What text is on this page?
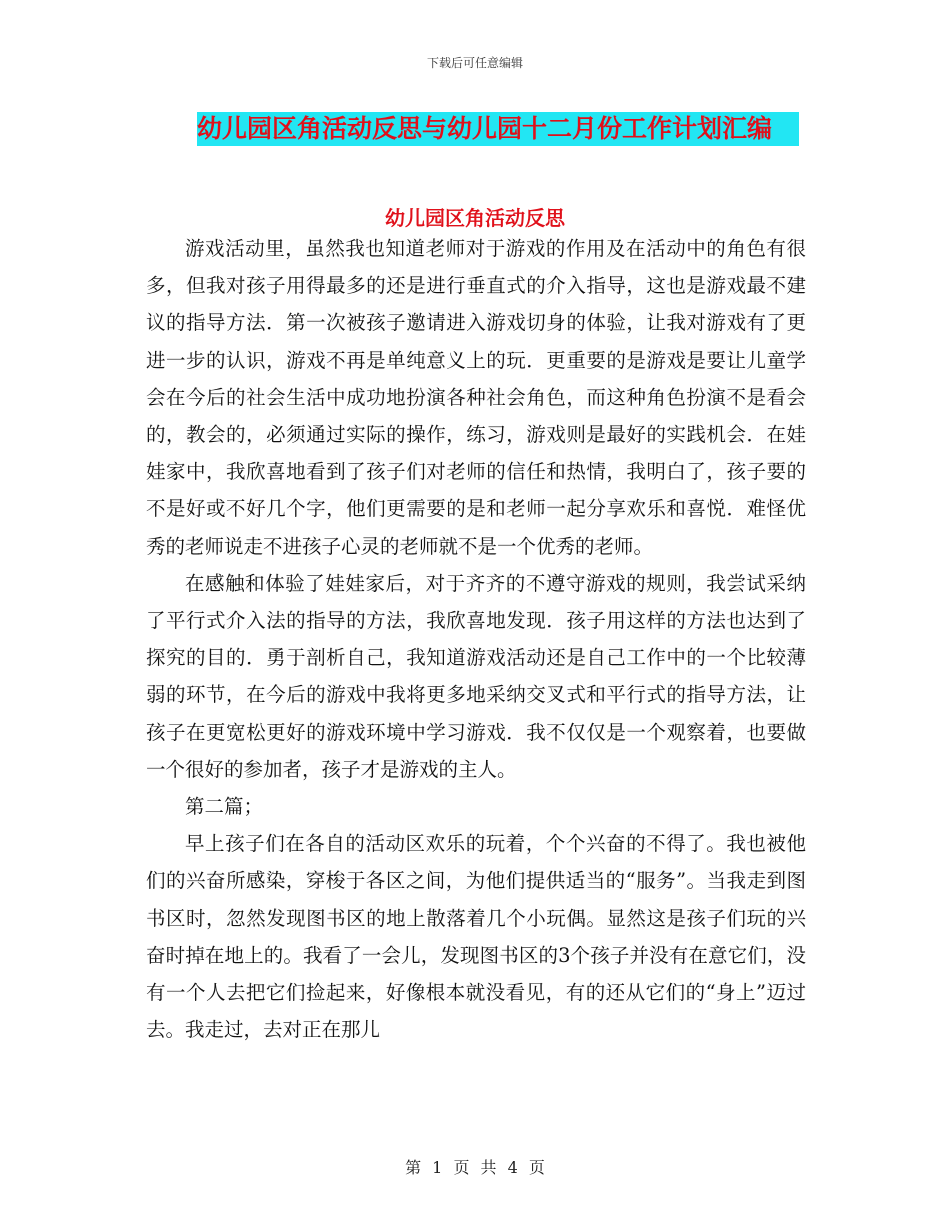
下载后可任意编辑
幼儿园区角活动反思与幼儿园十二月份工作计划汇编
幼儿园区角活动反思

游戏活动里，虽然我也知道老师对于游戏的作用及在活动中的角色有很多，但我对孩子用得最多的还是进行垂直式的介入指导，这也是游戏最不建议的指导方法．第一次被孩子邀请进入游戏切身的体验，让我对游戏有了更进一步的认识，游戏不再是单纯意义上的玩．更重要的是游戏是要让儿童学会在今后的社会生活中成功地扮演各种社会角色，而这种角色扮演不是看会的，教会的，必须通过实际的操作，练习，游戏则是最好的实践机会．在娃娃家中，我欣喜地看到了孩子们对老师的信任和热情，我明白了，孩子要的不是好或不好几个字，他们更需要的是和老师一起分享欢乐和喜悦．难怪优秀的老师说走不进孩子心灵的老师就不是一个优秀的老师。

在感触和体验了娃娃家后，对于齐齐的不遵守游戏的规则，我尝试采纳了平行式介入法的指导的方法，我欣喜地发现．孩子用这样的方法也达到了探究的目的．勇于剖析自己，我知道游戏活动还是自己工作中的一个比较薄弱的环节，在今后的游戏中我将更多地采纳交叉式和平行式的指导方法，让孩子在更宽松更好的游戏环境中学习游戏．我不仅仅是一个观察着，也要做一个很好的参加者，孩子才是游戏的主人。

第二篇；

早上孩子们在各自的活动区欢乐的玩着，个个兴奋的不得了。我也被他们的兴奋所感染，穿梭于各区之间，为他们提供适当的“服务”。当我走到图书区时，忽然发现图书区的地上散落着几个小玩偶。显然这是孩子们玩的兴奋时掉在地上的。我看了一会儿，发现图书区的3个孩子并没有在意它们，没有一个人去把它们捡起来，好像根本就没看见，有的还从它们的“身上”迈过去。我走过，去对正在那儿

第 1 页 共 4 页
